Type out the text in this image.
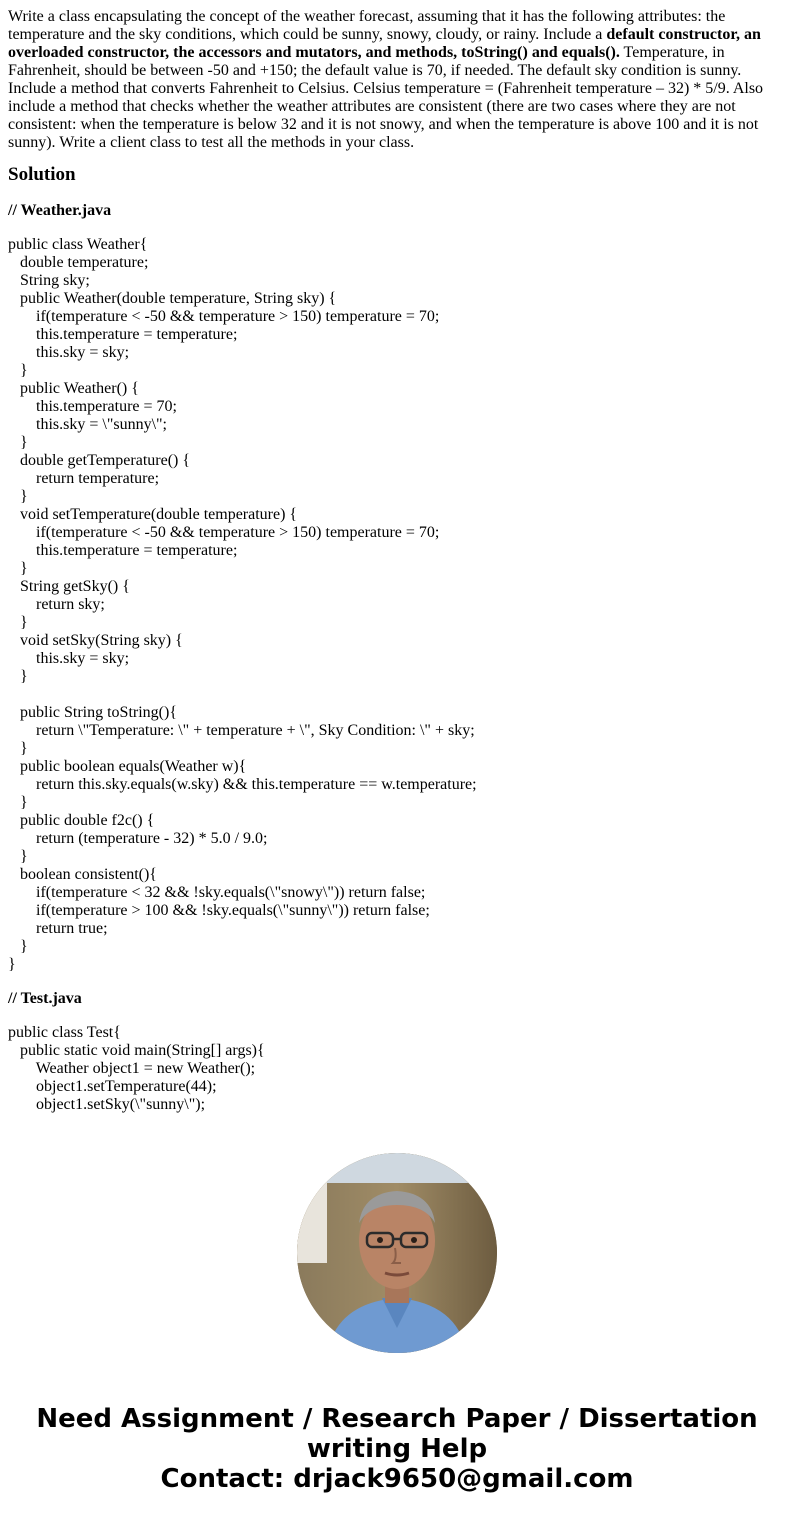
Write a class encapsulating the concept of the weather forecast, assuming that it has the following attributes: the temperature and the sky conditions, which could be sunny, snowy, cloudy, or rainy. Include a default constructor, an overloaded constructor, the accessors and mutators, and methods, toString() and equals(). Temperature, in Fahrenheit, should be between -50 and +150; the default value is 70, if needed. The default sky condition is sunny. Include a method that converts Fahrenheit to Celsius. Celsius temperature = (Fahrenheit temperature – 32) * 5/9. Also include a method that checks whether the weather attributes are consistent (there are two cases where they are not consistent: when the temperature is below 32 and it is not snowy, and when the temperature is above 100 and it is not sunny). Write a client class to test all the methods in your class.

Solution
// Weather.java
public class Weather{
double temperature;
String sky;
public Weather(double temperature, String sky) {
if(temperature < -50 && temperature > 150) temperature = 70;
this.temperature = temperature;
this.sky = sky;
}
public Weather() {
this.temperature = 70;
this.sky = \"sunny\";
}
double getTemperature() {
return temperature;
}
void setTemperature(double temperature) {
if(temperature < -50 && temperature > 150) temperature = 70;
this.temperature = temperature;
}
String getSky() {
return sky;
}
void setSky(String sky) {
this.sky = sky;
}
public String toString(){
return \"Temperature: \" + temperature + \", Sky Condition: \" + sky;
}
public boolean equals(Weather w){
return this.sky.equals(w.sky) && this.temperature == w.temperature;
}
public double f2c() {
return (temperature - 32) * 5.0 / 9.0;
}
boolean consistent(){
if(temperature < 32 && !sky.equals(\"snowy\")) return false;
if(temperature > 100 && !sky.equals(\"sunny\")) return false;
return true;
}
}
// Test.java
public class Test{
public static void main(String[] args){
Weather object1 = new Weather();
object1.setTemperature(44);
object1.setSky(\"sunny\");
Need Assignment / Research Paper / Dissertation
writing Help
Contact: drjack9650@gmail.com
